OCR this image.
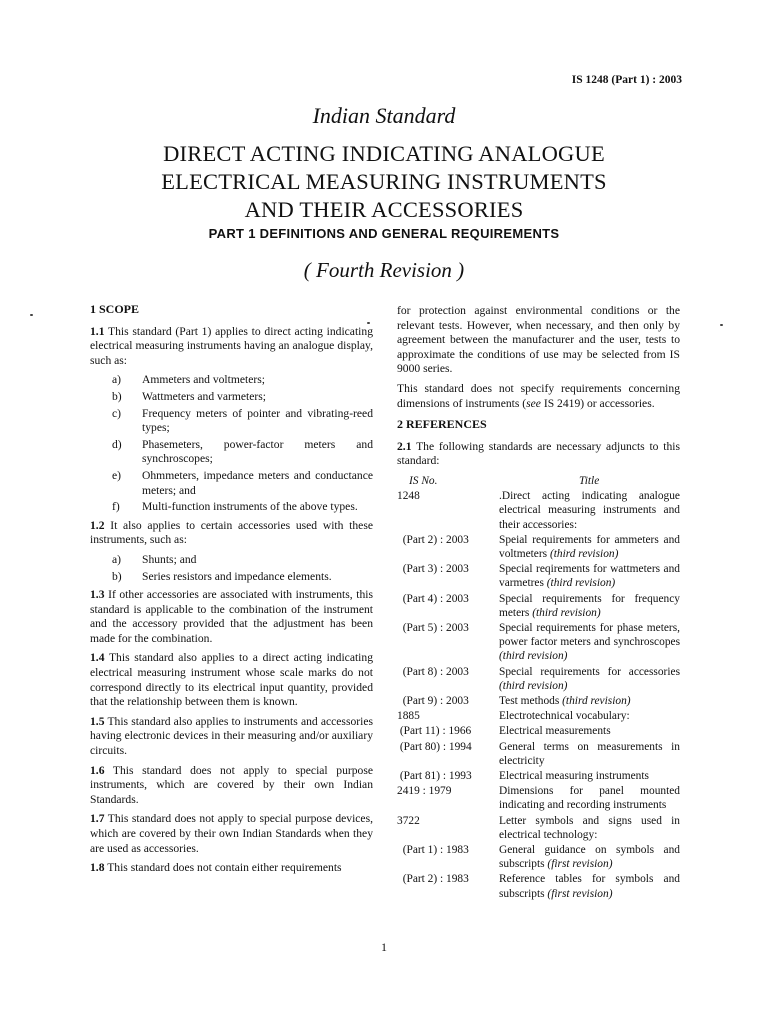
IS 1248 (Part 1) : 2003
Indian Standard
DIRECT ACTING INDICATING ANALOGUE
ELECTRICAL MEASURING INSTRUMENTS
AND THEIR ACCESSORIES
PART 1 DEFINITIONS AND GENERAL REQUIREMENTS
( Fourth Revision )
1 SCOPE
1.1 This standard (Part 1) applies to direct acting indicating electrical measuring instruments having an analogue display, such as:
a)	Ammeters and voltmeters;
b)	Wattmeters and varmeters;
c)	Frequency meters of pointer and vibrating-reed types;
d)	Phasemeters, power-factor meters and synchroscopes;
e)	Ohmmeters, impedance meters and conductance meters; and
f)	Multi-function instruments of the above types.
1.2 It also applies to certain accessories used with these instruments, such as:
a)	Shunts; and
b)	Series resistors and impedance elements.
1.3 If other accessories are associated with instruments, this standard is applicable to the combination of the instrument and the accessory provided that the adjustment has been made for the combination.
1.4 This standard also applies to a direct acting indicating electrical measuring instrument whose scale marks do not correspond directly to its electrical input quantity, provided that the relationship between them is known.
1.5 This standard also applies to instruments and accessories having electronic devices in their measuring and/or auxiliary circuits.
1.6 This standard does not apply to special purpose instruments, which are covered by their own Indian Standards.
1.7 This standard does not apply to special purpose devices, which are covered by their own Indian Standards when they are used as accessories.
1.8 This standard does not contain either requirements
for protection against environmental conditions or the relevant tests. However, when necessary, and then only by agreement between the manufacturer and the user, tests to approximate the conditions of use may be selected from IS 9000 series.
This standard does not specify requirements concerning dimensions of instruments (see IS 2419) or accessories.
2 REFERENCES
2.1 The following standards are necessary adjuncts to this standard:
IS No.	Title
1248	.Direct acting indicating analogue electrical measuring instruments and their accessories:
(Part 2) : 2003	Speial requirements for ammeters and voltmeters (third revision)
(Part 3) : 2003	Special reqirements for wattmeters and varmetres (third revision)
(Part 4) : 2003	Special requirements for frequency meters (third revision)
(Part 5) : 2003	Special requirements for phase meters, power factor meters and synchroscopes (third revision)
(Part 8) : 2003	Special requirements for accessories (third revision)
(Part 9) : 2003	Test methods (third revision)
1885	Electrotechnical vocabulary:
(Part 11) : 1966	Electrical measurements
(Part 80) : 1994	General terms on measurements in electricity
(Part 81) : 1993	Electrical measuring instruments
2419 : 1979	Dimensions for panel mounted indicating and recording instruments
3722	Letter symbols and signs used in electrical technology:
(Part 1) : 1983	General guidance on symbols and subscripts (first revision)
(Part 2) : 1983	Reference tables for symbols and subscripts (first revision)
1
